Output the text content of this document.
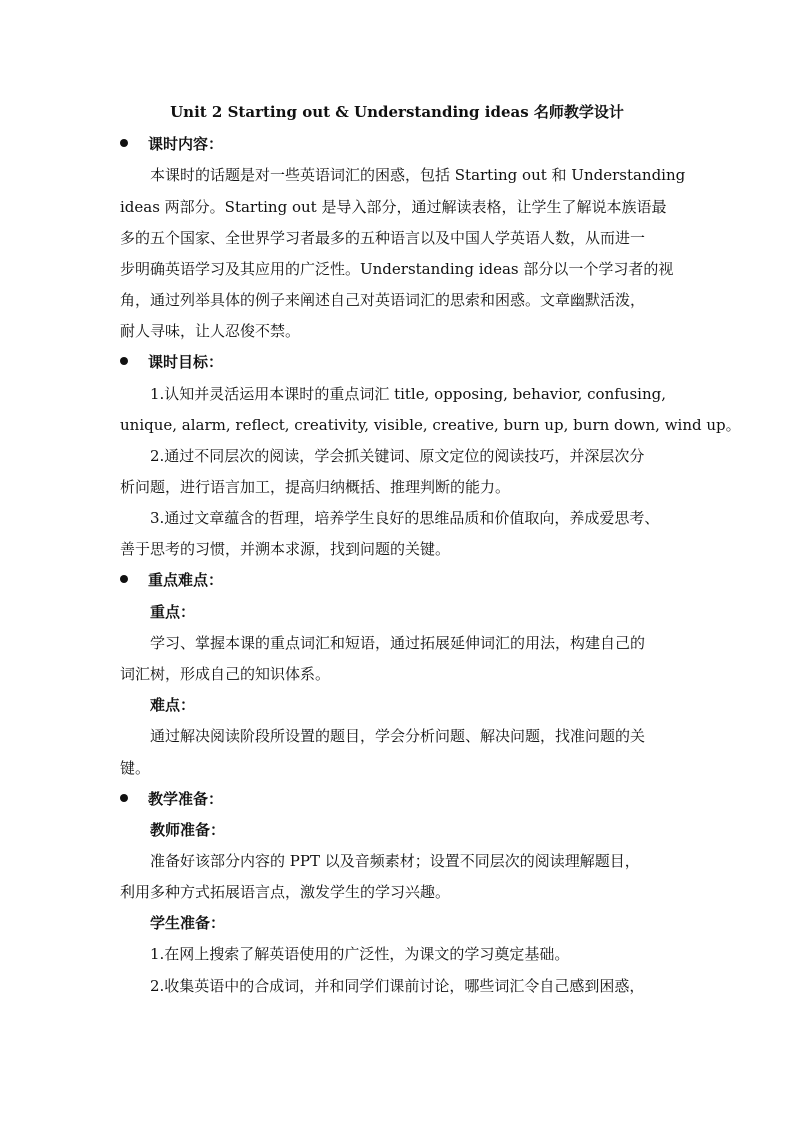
Unit 2 Starting out & Understanding ideas 名师教学设计
课时内容：
本课时的话题是对一些英语词汇的困惑，包括 Starting out 和 Understanding
ideas 两部分。Starting out 是导入部分，通过解读表格，让学生了解说本族语最
多的五个国家、全世界学习者最多的五种语言以及中国人学英语人数，从而进一
步明确英语学习及其应用的广泛性。Understanding ideas 部分以一个学习者的视
角，通过列举具体的例子来阐述自己对英语词汇的思索和困惑。文章幽默活泼，
耐人寻味，让人忍俊不禁。
课时目标：
1.认知并灵活运用本课时的重点词汇 title, opposing, behavior, confusing,
unique, alarm, reflect, creativity, visible, creative, burn up, burn down, wind up。
2.通过不同层次的阅读，学会抓关键词、原文定位的阅读技巧，并深层次分
析问题，进行语言加工，提高归纳概括、推理判断的能力。
3.通过文章蕴含的哲理，培养学生良好的思维品质和价值取向，养成爱思考、
善于思考的习惯，并溯本求源，找到问题的关键。
重点难点：
重点：
学习、掌握本课的重点词汇和短语，通过拓展延伸词汇的用法，构建自己的
词汇树，形成自己的知识体系。
难点：
通过解决阅读阶段所设置的题目，学会分析问题、解决问题，找准问题的关
键。
教学准备：
教师准备：
准备好该部分内容的 PPT 以及音频素材；设置不同层次的阅读理解题目，
利用多种方式拓展语言点，激发学生的学习兴趣。
学生准备：
1.在网上搜索了解英语使用的广泛性，为课文的学习奠定基础。
2.收集英语中的合成词，并和同学们课前讨论，哪些词汇令自己感到困惑，
